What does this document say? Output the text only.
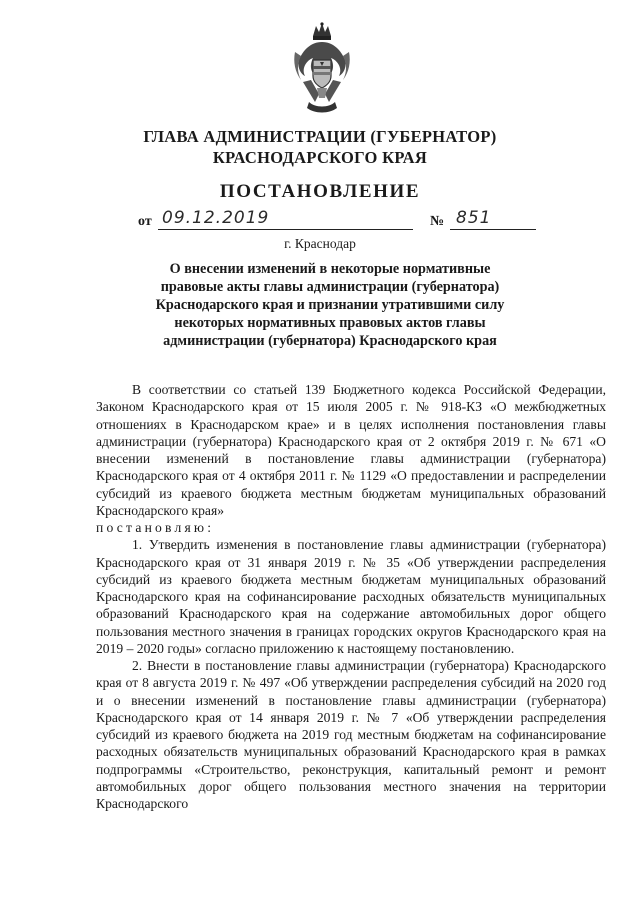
ГЛАВА АДМИНИСТРАЦИИ (ГУБЕРНАТОР)
КРАСНОДАРСКОГО КРАЯ
ПОСТАНОВЛЕНИЕ
от 09.12.2019	№ 851
г. Краснодар
О внесении изменений в некоторые нормативные правовые акты главы администрации (губернатора) Краснодарского края и признании утратившими силу некоторых нормативных правовых актов главы администрации (губернатора) Краснодарского края

В соответствии со статьей 139 Бюджетного кодекса Российской Федерации, Законом Краснодарского края от 15 июля 2005 г. № 918-КЗ «О межбюджетных отношениях в Краснодарском крае» и в целях исполнения постановления главы администрации (губернатора) Краснодарского края от 2 октября 2019 г. № 671 «О внесении изменений в постановление главы администрации (губернатора) Краснодарского края от 4 октября 2011 г. № 1129 «О предоставлении и распределении субсидий из краевого бюджета местным бюджетам муниципальных образований Краснодарского края»

постановляю:

1. Утвердить изменения в постановление главы администрации (губернатора) Краснодарского края от 31 января 2019 г. № 35 «Об утверждении распределения субсидий из краевого бюджета местным бюджетам муниципальных образований Краснодарского края на софинансирование расходных обязательств муниципальных образований Краснодарского края на содержание автомобильных дорог общего пользования местного значения в границах городских округов Краснодарского края на 2019 – 2020 годы» согласно приложению к настоящему постановлению.

2. Внести в постановление главы администрации (губернатора) Краснодарского края от 8 августа 2019 г. № 497 «Об утверждении распределения субсидий на 2020 год и о внесении изменений в постановление главы администрации (губернатора) Краснодарского края от 14 января 2019 г. № 7 «Об утверждении распределения субсидий из краевого бюджета на 2019 год местным бюджетам на софинансирование расходных обязательств муниципальных образований Краснодарского края в рамках подпрограммы «Строительство, реконструкция, капитальный ремонт и ремонт автомобильных дорог общего пользования местного значения на территории Краснодарского
